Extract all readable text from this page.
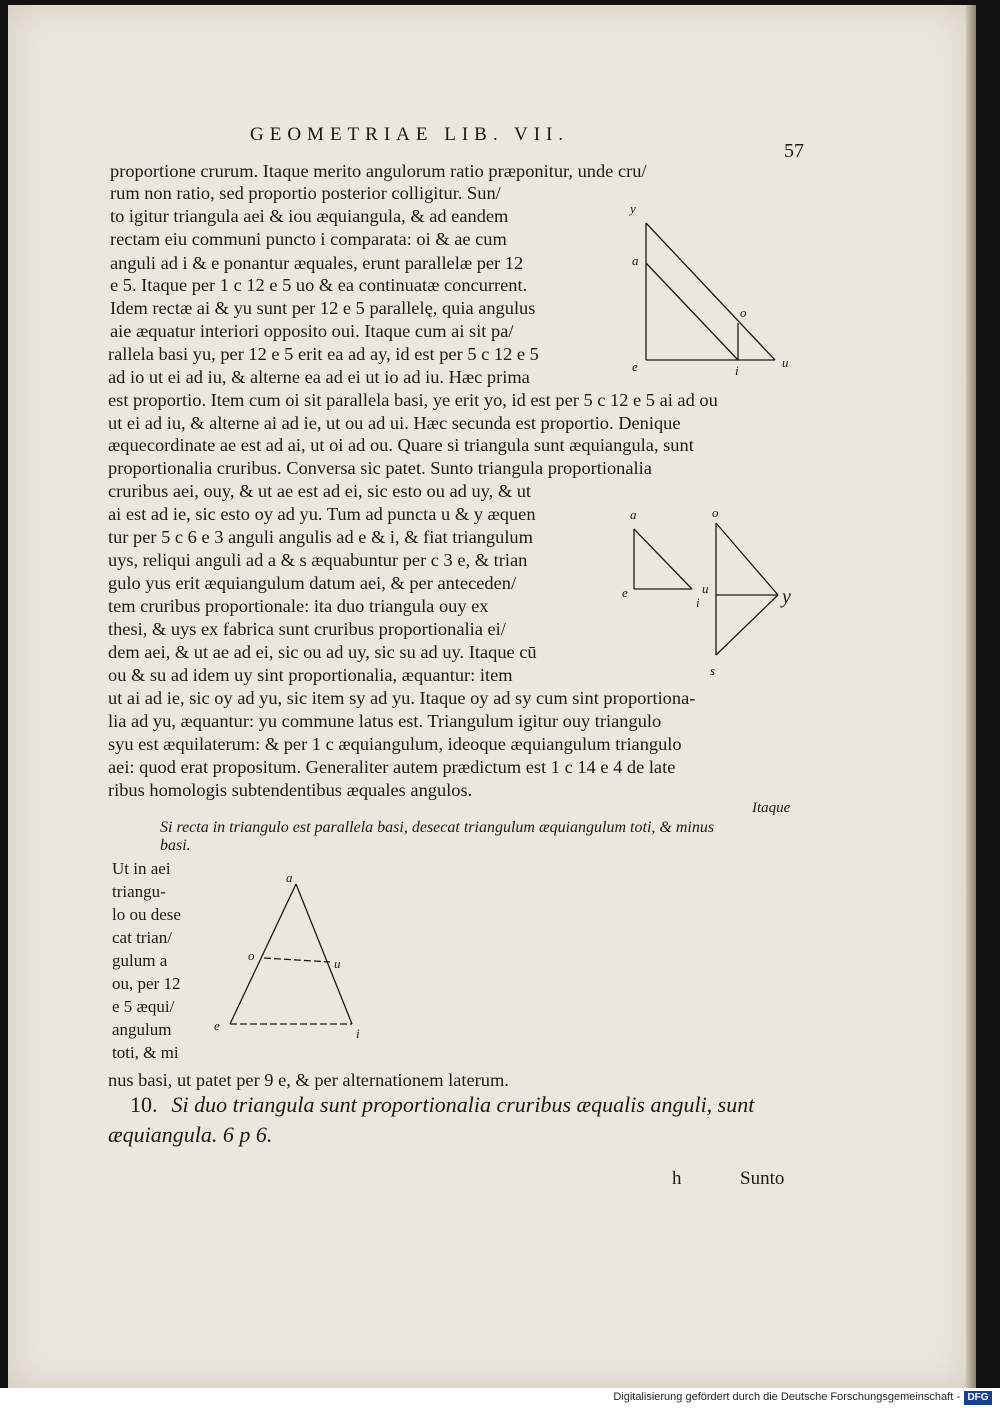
GEOMETRIAE LIB. VII.
57
proportione crurum. Itaque merito angulorum ratio præponitur, unde cru/
rum non ratio, sed proportio posterior colligitur. Sun/
to igitur triangula aei & iou æquiangula, & ad eandem
rectam eiu communi puncto i comparata: oi & ae cum
anguli ad i & e ponantur æquales, erunt parallelæ per 12
e 5. Itaque per 1 c 12 e 5 uo & ea continuatæ concurrent.
Idem rectæ ai & yu sunt per 12 e 5 parallelę, quia angulus
aie æquatur interiori opposito oui. Itaque cum ai sit pa/
rallela basi yu, per 12 e 5 erit ea ad ay, id est per 5 c 12 e 5
ad io ut ei ad iu, & alterne ea ad ei ut io ad iu. Hæc prima
est proportio. Item cum oi sit parallela basi, ye erit yo, id est per 5 c 12 e 5 ai ad ou
ut ei ad iu, & alterne ai ad ie, ut ou ad ui. Hæc secunda est proportio. Denique
æquecordinate ae est ad ai, ut oi ad ou. Quare si triangula sunt æquiangula, sunt
proportionalia cruribus. Conversa sic patet. Sunto triangula proportionalia
cruribus aei, ouy, & ut ae est ad ei, sic esto ou ad uy, & ut
ai est ad ie, sic esto oy ad yu. Tum ad puncta u & y æquen
tur per 5 c 6 e 3 anguli angulis ad e & i, & fiat triangulum
uys, reliqui anguli ad a & s æquabuntur per c 3 e, & trian
gulo yus erit æquiangulum datum aei, & per anteceden/
tem cruribus proportionale: ita duo triangula ouy ex
thesi, & uys ex fabrica sunt cruribus proportionalia ei/
dem aei, & ut ae ad ei, sic ou ad uy, sic su ad uy. Itaque cū
ou & su ad idem uy sint proportionalia, æquantur: item
ut ai ad ie, sic oy ad yu, sic item sy ad yu. Itaque oy ad sy cum sint proportiona-
lia ad yu, æquantur: yu commune latus est. Triangulum igitur ouy triangulo
syu est æquilaterum: & per 1 c æquiangulum, ideoque æquiangulum triangulo
aei: quod erat propositum. Generaliter autem prædictum est 1 c 14 e 4 de late
ribus homologis subtendentibus æquales angulos.
Itaque
Si recta in triangulo est parallela basi, desecat triangulum æquiangulum toti, & minus
basi.
Ut in aei
triangu-
lo ou dese
cat trian/
gulum a
ou, per 12
e 5 æqui/
angulum
toti, & mi
nus basi, ut patet per 9 e, & per alternationem laterum.
10. Si duo triangula sunt proportionalia cruribus æqualis anguli, sunt
æquiangula. 6 p 6.
h	Sunto
y
a
o
e	i
u
a	o
e
i
u	y
s
a
o
u
e
i
Digitalisierung gefördert durch die Deutsche Forschungsgemeinschaft - DFG
